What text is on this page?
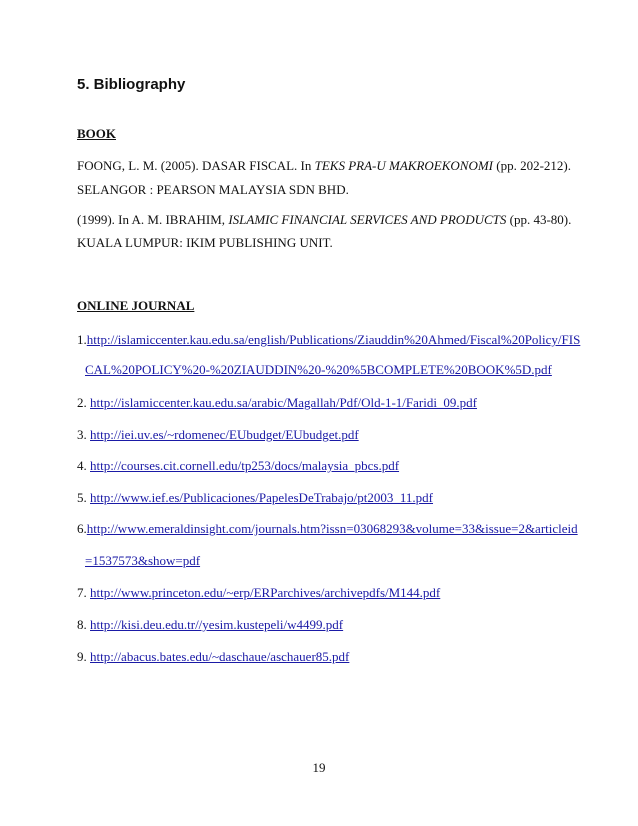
5. Bibliography
BOOK
FOONG, L. M. (2005). DASAR FISCAL. In TEKS PRA-U MAKROEKONOMI (pp. 202-212).
SELANGOR : PEARSON MALAYSIA SDN BHD.
(1999). In A. M. IBRAHIM, ISLAMIC FINANCIAL SERVICES AND PRODUCTS (pp. 43-80).
KUALA LUMPUR: IKIM PUBLISHING UNIT.
ONLINE JOURNAL
1.http://islamiccenter.kau.edu.sa/english/Publications/Ziauddin%20Ahmed/Fiscal%20Policy/FIS
CAL%20POLICY%20-%20ZIAUDDIN%20-%20%5BCOMPLETE%20BOOK%5D.pdf
2. http://islamiccenter.kau.edu.sa/arabic/Magallah/Pdf/Old-1-1/Faridi_09.pdf
3. http://iei.uv.es/~rdomenec/EUbudget/EUbudget.pdf
4. http://courses.cit.cornell.edu/tp253/docs/malaysia_pbcs.pdf
5. http://www.ief.es/Publicaciones/PapelesDeTrabajo/pt2003_11.pdf
6.http://www.emeraldinsight.com/journals.htm?issn=03068293&volume=33&issue=2&articleid
=1537573&show=pdf
7. http://www.princeton.edu/~erp/ERParchives/archivepdfs/M144.pdf
8. http://kisi.deu.edu.tr//yesim.kustepeli/w4499.pdf
9. http://abacus.bates.edu/~daschaue/aschauer85.pdf
19
